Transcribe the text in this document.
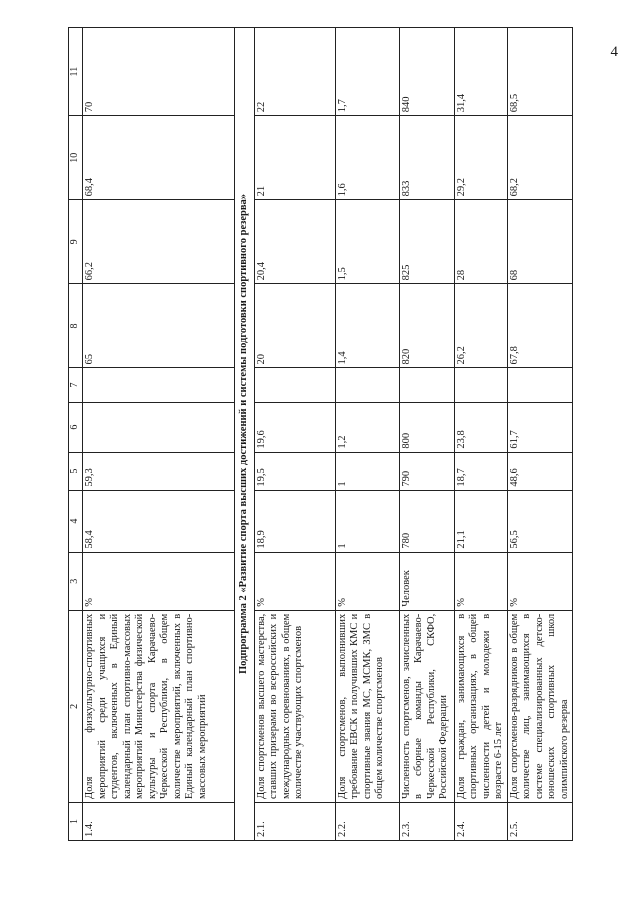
4
1	2	3	4	5	6	7	8	9	10	11
1.4.	Доля физкультурно-спортивных мероприятий среди учащихся и студентов, включенных в Единый календарный план спортивно-массовых мероприятий Министерства физической культуры и спорта Карачаево-Черкесской Республики, в общем количестве мероприятий, включенных в Единый календарный план спортивно-массовых мероприятий	%	58,4	59,3			65	66,2	68,4	70
Подпрограмма 2 «Развитие спорта высших достижений и системы подготовки спортивного резерва»										
2.1.	Доля спортсменов высшего мастерства, ставших призерами во всероссийских и международных соревнованиях, в общем количестве участвующих спортсменов	%	18,9	19,5	19,6		20	20,4	21	22
2.2.	Доля спортсменов, выполнивших требование ЕВСК и получивших КМС и спортивные звания МС, МСМК, ЗМС в общем количестве спортсменов	%	1	1	1,2		1,4	1,5	1,6	1,7
2.3.	Численность спортсменов, зачисленных в сборные команды Карачаево-Черкесской Республики, СКФО, Российской Федерации	Человек	780	790	800		820	825	833	840
2.4.	Доля граждан, занимающихся в спортивных организациях, в общей численности детей и молодежи в возрасте 6-15 лет	%	21,1	18,7	23,8		26,2	28	29,2	31,4
2.5.	Доля спортсменов-разрядников в общем количестве лиц, занимающихся в системе специализированных детско-юношеских спортивных школ олимпийского резерва	%	56,5	48,6	61,7		67,8	68	68,2	68,5
